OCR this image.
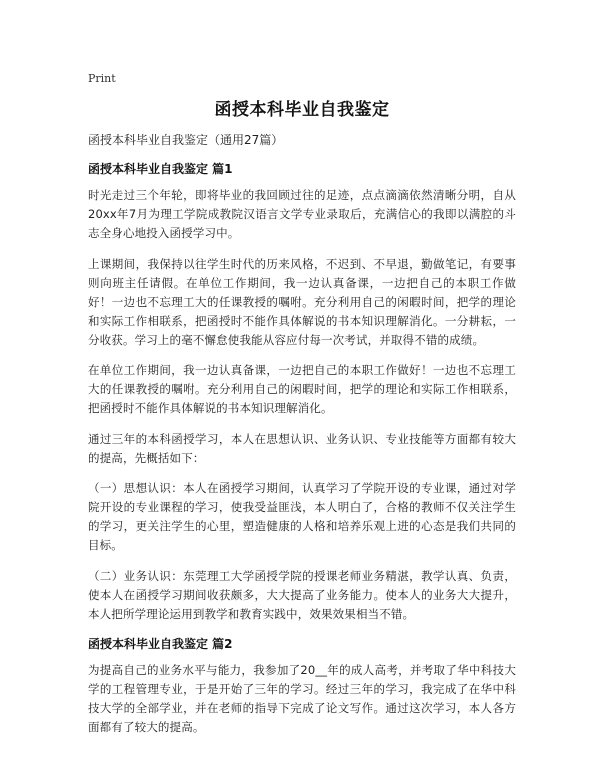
Print
函授本科毕业自我鉴定
函授本科毕业自我鉴定（通用27篇）
函授本科毕业自我鉴定 篇1

时光走过三个年轮，即将毕业的我回顾过往的足迹，点点滴滴依然清晰分明，自从20xx年7月为理工学院成教院汉语言文学专业录取后，充满信心的我即以满腔的斗志全身心地投入函授学习中。

上课期间，我保持以往学生时代的历来风格，不迟到、不早退，勤做笔记，有要事则向班主任请假。在单位工作期间，我一边认真备课，一边把自己的本职工作做好！一边也不忘理工大的任课教授的嘱咐。充分利用自己的闲暇时间，把学的理论和实际工作相联系，把函授时不能作具体解说的书本知识理解消化。一分耕耘，一分收获。学习上的毫不懈怠使我能从容应付每一次考试，并取得不错的成绩。

在单位工作期间，我一边认真备课，一边把自己的本职工作做好！一边也不忘理工大的任课教授的嘱咐。充分利用自己的闲暇时间，把学的理论和实际工作相联系，把函授时不能作具体解说的书本知识理解消化。

通过三年的本科函授学习，本人在思想认识、业务认识、专业技能等方面都有较大的提高，先概括如下：

（一）思想认识：本人在函授学习期间，认真学习了学院开设的专业课，通过对学院开设的专业课程的学习，使我受益匪浅，本人明白了，合格的教师不仅关注学生的学习，更关注学生的心里，塑造健康的人格和培养乐观上进的心态是我们共同的目标。

（二）业务认识：东莞理工大学函授学院的授课老师业务精湛，教学认真、负责，使本人在函授学习期间收获颇多，大大提高了业务能力。使本人的业务大大提升，本人把所学理论运用到教学和教育实践中，效果效果相当不错。

函授本科毕业自我鉴定 篇2

为提高自己的业务水平与能力，我参加了20__年的成人高考，并考取了华中科技大学的工程管理专业，于是开始了三年的学习。经过三年的学习，我完成了在华中科技大学的全部学业，并在老师的指导下完成了论文写作。通过这次学习，本人各方面都有了较大的提高。
